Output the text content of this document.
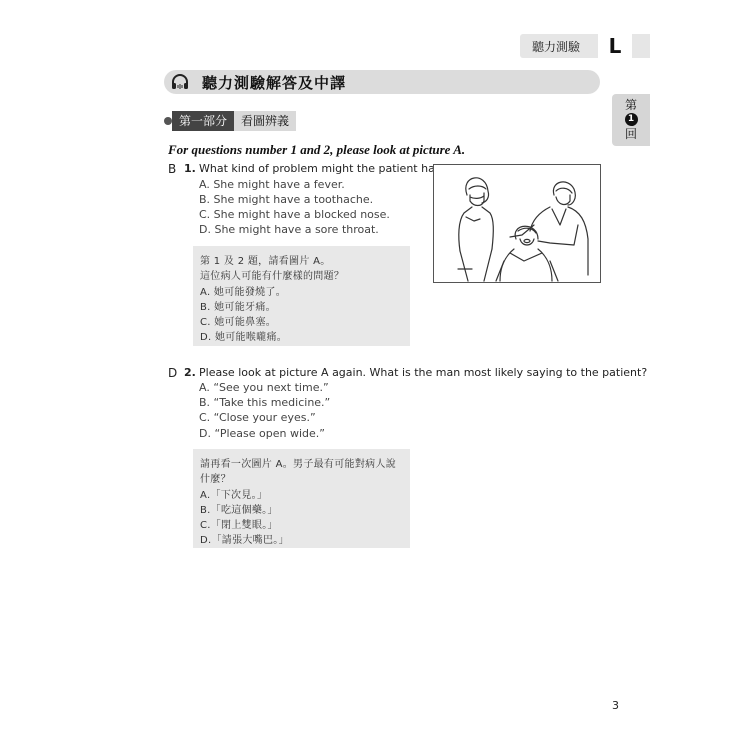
聽力測驗	L
聽力測驗解答及中譯
第
1
回
第一部分	看圖辨義
For questions number 1 and 2, please look at picture A.
B 1. What kind of problem might the patient have?
A. She might have a fever.
B. She might have a toothache.
C. She might have a blocked nose.
D. She might have a sore throat.
第 1 及 2 題，請看圖片 A。
這位病人可能有什麼樣的問題？
A. 她可能發燒了。
B. 她可能牙痛。
C. 她可能鼻塞。
D. 她可能喉嚨痛。
D 2. Please look at picture A again. What is the man most likely saying to the patient?
A. “See you next time.”
B. “Take this medicine.”
C. “Close your eyes.”
D. “Please open wide.”
請再看一次圖片 A。男子最有可能對病人說
什麼？
A.「下次見。」
B.「吃這個藥。」
C.「閉上雙眼。」
D.「請張大嘴巴。」
3
